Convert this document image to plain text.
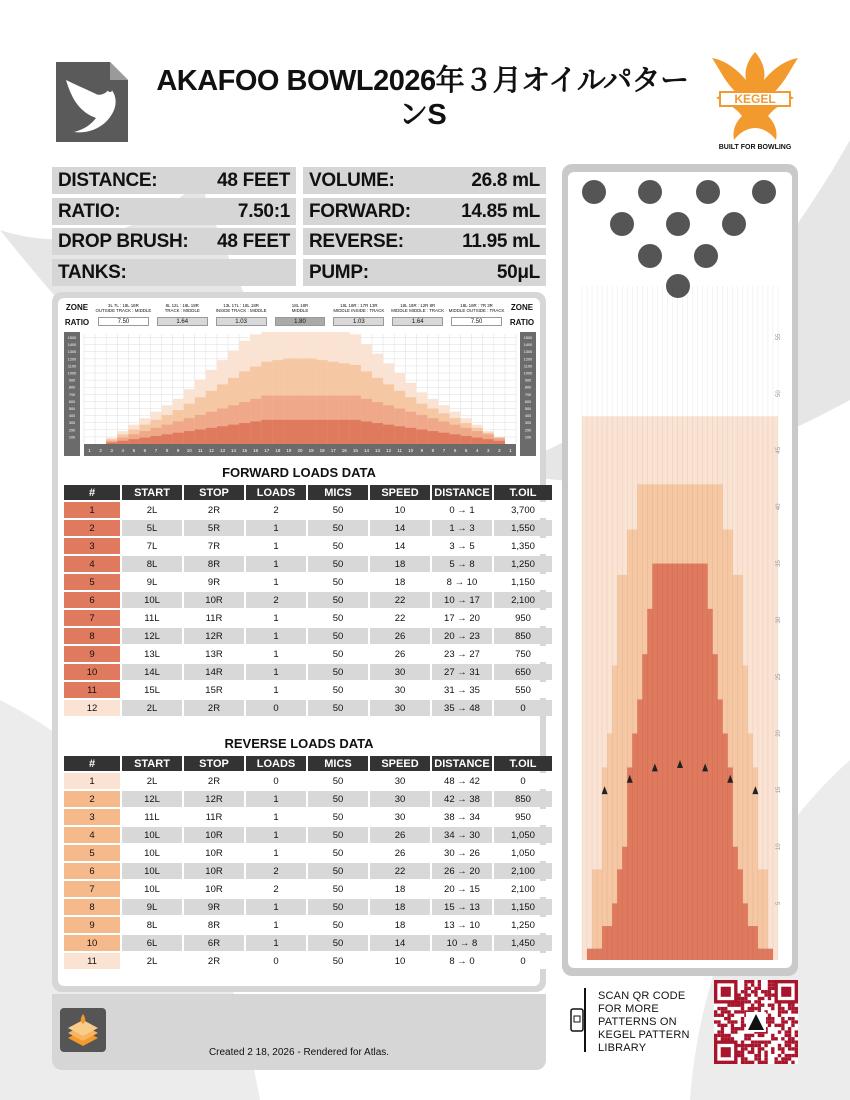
AKAFOO BOWL2026年３月オイルパターンS	KEGEL
BUILT FOR BOWLING
DISTANCE:	48 FEET
RATIO:	7.50:1
DROP BRUSH: 48 FEET
TANKS:
VOLUME:	26.8 mL
FORWARD:	14.85 mL
REVERSE:	11.95 mL
PUMP:	50μL
ZONE
RATIO
ZONE
RATIO
3L 7L : 18L 18R
OUTSIDE TRACK : MIDDLE
7.50
8L 12L : 18L 18R
TRACK : MIDDLE
1.64
13L 17L : 18L 18R
INSIDE TRACK : MIDDLE
1.03
18L 18R
MIDDLE
1.80
18L 18R : 17R 13R
MIDDLE INSIDE : TRACK
1.03
18L 18R : 12R 8R
MIDDLE MIDDLE : TRACK
1.64
18L 18R : 7R 3R
MIDDLE OUTSIDE : TRACK
7.50
1500	1500
1400	1400
1300	1300
1200	1200
1100	1100
1000	1000
900	900
800	800
700	700
600	600
500	500
400	400
300	300
200	200
100	100
1 2 3 4 5 6 7 8 9 10 11 12 13 14 15 16 17 18 19 20 19 18 17 16 15 14 13 12 11 10 9 8 7 6 5 4 3 2 1
FORWARD LOADS DATA
#	START	STOP	LOADS	MICS	SPEED	DISTANCE	T.OIL
1	2L	2R	2	50	10	0 → 1	3,700
2	5L	5R	1	50	14	1 → 3	1,550
3	7L	7R	1	50	14	3 → 5	1,350
4	8L	8R	1	50	18	5 → 8	1,250
5	9L	9R	1	50	18	8 → 10	1,150
6	10L	10R	2	50	22	10 → 17	2,100
7	11L	11R	1	50	22	17 → 20	950
8	12L	12R	1	50	26	20 → 23	850
9	13L	13R	1	50	26	23 → 27	750
10	14L	14R	1	50	30	27 → 31	650
11	15L	15R	1	50	30	31 → 35	550
12	2L	2R	0	50	30	35 → 48	0
REVERSE LOADS DATA
#	START	STOP	LOADS	MICS	SPEED	DISTANCE	T.OIL
1	2L	2R	0	50	30	48 → 42	0
2	12L	12R	1	50	30	42 → 38	850
3	11L	11R	1	50	30	38 → 34	950
4	10L	10R	1	50	26	34 → 30	1,050
5	10L	10R	1	50	26	30 → 26	1,050
6	10L	10R	2	50	22	26 → 20	2,100
7	10L	10R	2	50	18	20 → 15	2,100
8	9L	9R	1	50	18	15 → 13	1,150
9	8L	8R	1	50	18	13 → 10	1,250
10	6L	6R	1	50	14	10 → 8	1,450
11	2L	2R	0	50	10	8 → 0	0
Created 2 18, 2026 - Rendered for Atlas.
55
50
45
40
35
30
25
20
15
10
5
SCAN QR CODE FOR MORE PATTERNS ON KEGEL PATTERN LIBRARY
